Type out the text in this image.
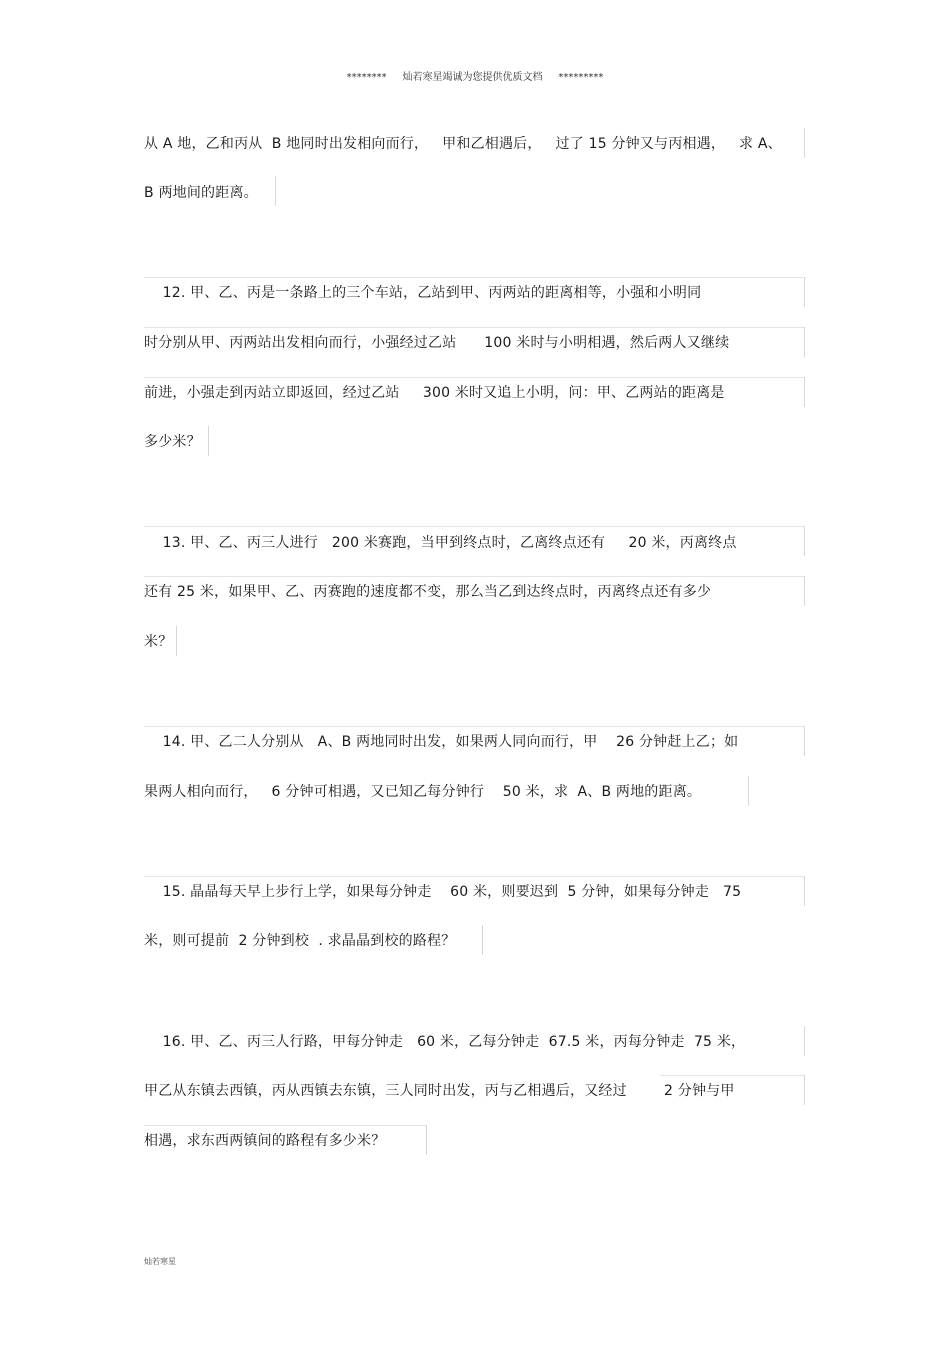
********     灿若寒星竭诚为您提供优质文档     *********
从 A 地，乙和丙从  B 地同时出发相向而行，   甲和乙相遇后，   过了 15 分钟又与丙相遇，   求 A、
B 两地间的距离。
12. 甲、乙、丙是一条路上的三个车站，乙站到甲、丙两站的距离相等，小强和小明同
时分别从甲、丙两站出发相向而行，小强经过乙站      100 米时与小明相遇，然后两人又继续
前进，小强走到丙站立即返回，经过乙站     300 米时又追上小明，问：甲、乙两站的距离是
多少米？
13. 甲、乙、丙三人进行   200 米赛跑，当甲到终点时，乙离终点还有     20 米，丙离终点
还有 25 米，如果甲、乙、丙赛跑的速度都不变，那么当乙到达终点时，丙离终点还有多少
米？
14. 甲、乙二人分别从   A、B 两地同时出发，如果两人同向而行，甲    26 分钟赶上乙；如
果两人相向而行，   6 分钟可相遇，又已知乙每分钟行    50 米，求  A、B 两地的距离。
15. 晶晶每天早上步行上学，如果每分钟走    60 米，则要迟到  5 分钟，如果每分钟走   75
米，则可提前  2 分钟到校  . 求晶晶到校的路程？
16. 甲、乙、丙三人行路，甲每分钟走   60 米，乙每分钟走  67.5 米，丙每分钟走  75 米，
甲乙从东镇去西镇，丙从西镇去东镇，三人同时出发，丙与乙相遇后，又经过        2 分钟与甲
相遇，求东西两镇间的路程有多少米？
灿若寒星
